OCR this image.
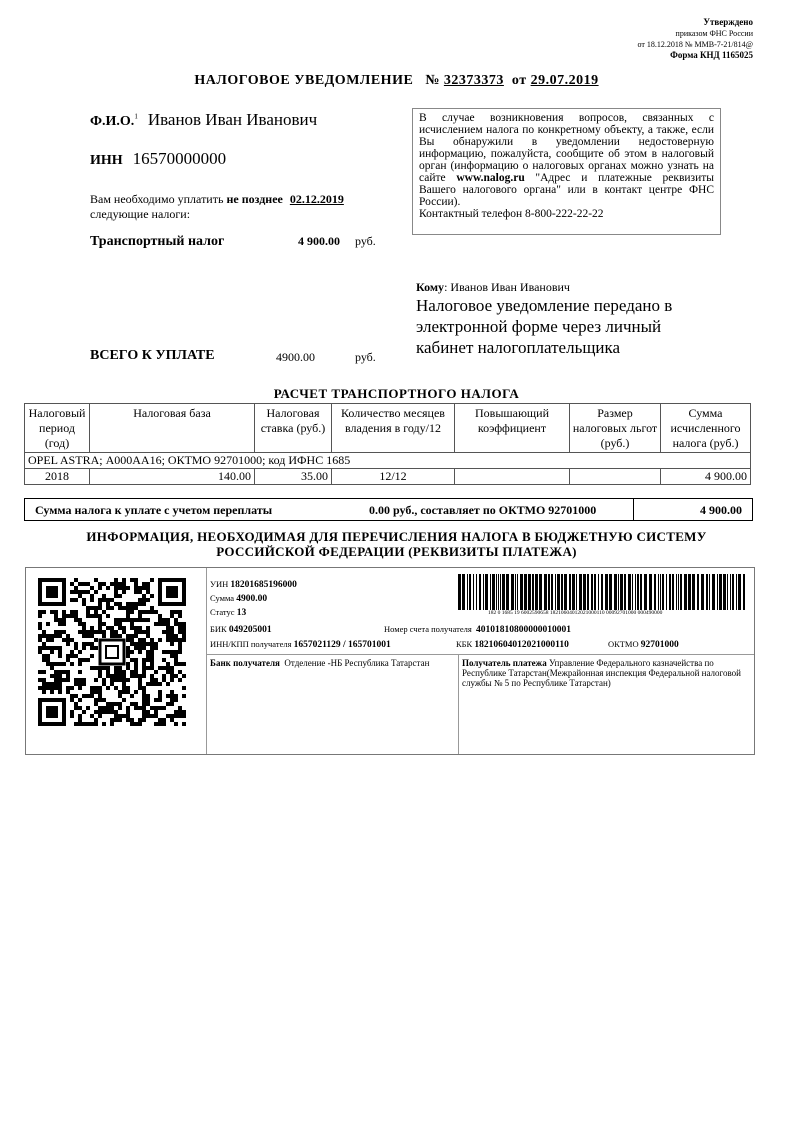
Утверждено
приказом ФНС России
от 18.12.2018 № ММВ-7-21/814@
Форма КНД 1165025
НАЛОГОВОЕ УВЕДОМЛЕНИЕ № 32373373 от 29.07.2019
Ф.И.О.$^1$ Иванов Иван Иванович
ИНН 16570000000

В случае возникновения вопросов, связанных с исчислением налога по конкретному объекту, а также, если Вы обнаружили в уведомлении недостоверную информацию, пожалуйста, сообщите об этом в налоговый орган (информацию о налоговых органах можно узнать на сайте www.nalog.ru "Адрес и платежные реквизиты Вашего налогового органа" или в контакт центре ФНС России).

Контактный телефон 8-800-222-22-22

Вам необходимо уплатить не позднее 02.12.2019
следующие налоги:
Транспортный налог	4 900.00 руб.
Кому: Иванов Иван Иванович
Налоговое уведомление передано в электронной форме через личный кабинет налогоплательщика
ВСЕГО К УПЛАТЕ	4900.00	руб.
РАСЧЕТ ТРАНСПОРТНОГО НАЛОГА
Налоговый период (год)	Налоговая база	Налоговая ставка (руб.)	Количество месяцев владения в году/12	Повышающий коэффициент	Размер налоговых льгот (руб.)	Сумма исчисленного налога (руб.)
OPEL ASTRA; А000АА16; ОКТМО 92701000; код ИФНС 1685						
2018	140.00	35.00	12/12			4 900.00
Сумма налога к уплате с учетом переплаты	0.00 руб., составляет по ОКТМО 92701000	4 900.00
ИНФОРМАЦИЯ, НЕОБХОДИМАЯ ДЛЯ ПЕРЕЧИСЛЕНИЯ НАЛОГА В БЮДЖЕТНУЮ СИСТЕМУ
РОССИЙСКОЙ ФЕДЕРАЦИИ (РЕКВИЗИТЫ ПЛАТЕЖА)
УИН 18201685196000
Сумма 4900.00
Статус 13	182 0 1685 19 6002590658 18210604012021000110 00092701000 000490000
БИК 049205001	Номер счета получателя 40101810800000010001
ИНН/КПП получателя 1657021129 / 165701001	КБК 18210604012021000110	ОКТМО 92701000
Банк получателя Отделение -НБ Республика Татарстан	Получатель платежа Управление Федерального казначейства по Республике Татарстан(Межрайонная инспекция Федеральной налоговой службы № 5 по Республике Татарстан)
